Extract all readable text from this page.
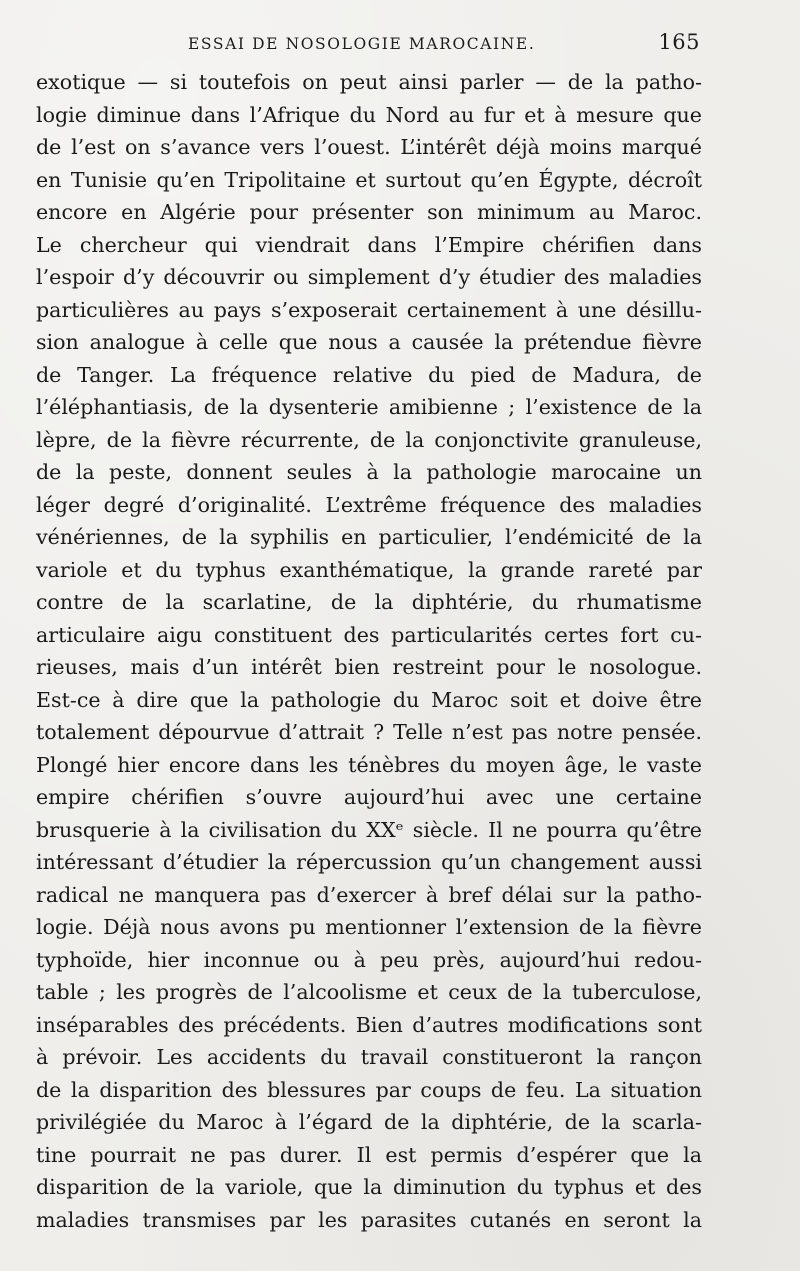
ESSAI DE NOSOLOGIE MAROCAINE.	165
exotique — si toutefois on peut ainsi parler — de la patho-
logie diminue dans l’Afrique du Nord au fur et à mesure que
de l’est on s’avance vers l’ouest. L’intérêt déjà moins marqué
en Tunisie qu’en Tripolitaine et surtout qu’en Égypte, décroît
encore en Algérie pour présenter son minimum au Maroc.
Le chercheur qui viendrait dans l’Empire chérifien dans
l’espoir d’y découvrir ou simplement d’y étudier des maladies
particulières au pays s’exposerait certainement à une désillu-
sion analogue à celle que nous a causée la prétendue fièvre
de Tanger. La fréquence relative du pied de Madura, de
l’éléphantiasis, de la dysenterie amibienne ; l’existence de la
lèpre, de la fièvre récurrente, de la conjonctivite granuleuse,
de la peste, donnent seules à la pathologie marocaine un
léger degré d’originalité. L’extrême fréquence des maladies
vénériennes, de la syphilis en particulier, l’endémicité de la
variole et du typhus exanthématique, la grande rareté par
contre de la scarlatine, de la diphtérie, du rhumatisme
articulaire aigu constituent des particularités certes fort cu-
rieuses, mais d’un intérêt bien restreint pour le nosologue.
Est-ce à dire que la pathologie du Maroc soit et doive être
totalement dépourvue d’attrait ? Telle n’est pas notre pensée.
Plongé hier encore dans les ténèbres du moyen âge, le vaste
empire chérifien s’ouvre aujourd’hui avec une certaine
brusquerie à la civilisation du XXᵉ siècle. Il ne pourra qu’être
intéressant d’étudier la répercussion qu’un changement aussi
radical ne manquera pas d’exercer à bref délai sur la patho-
logie. Déjà nous avons pu mentionner l’extension de la fièvre
typhoïde, hier inconnue ou à peu près, aujourd’hui redou-
table ; les progrès de l’alcoolisme et ceux de la tuberculose,
inséparables des précédents. Bien d’autres modifications sont
à prévoir. Les accidents du travail constitueront la rançon
de la disparition des blessures par coups de feu. La situation
privilégiée du Maroc à l’égard de la diphtérie, de la scarla-
tine pourrait ne pas durer. Il est permis d’espérer que la
disparition de la variole, que la diminution du typhus et des
maladies transmises par les parasites cutanés en seront la
